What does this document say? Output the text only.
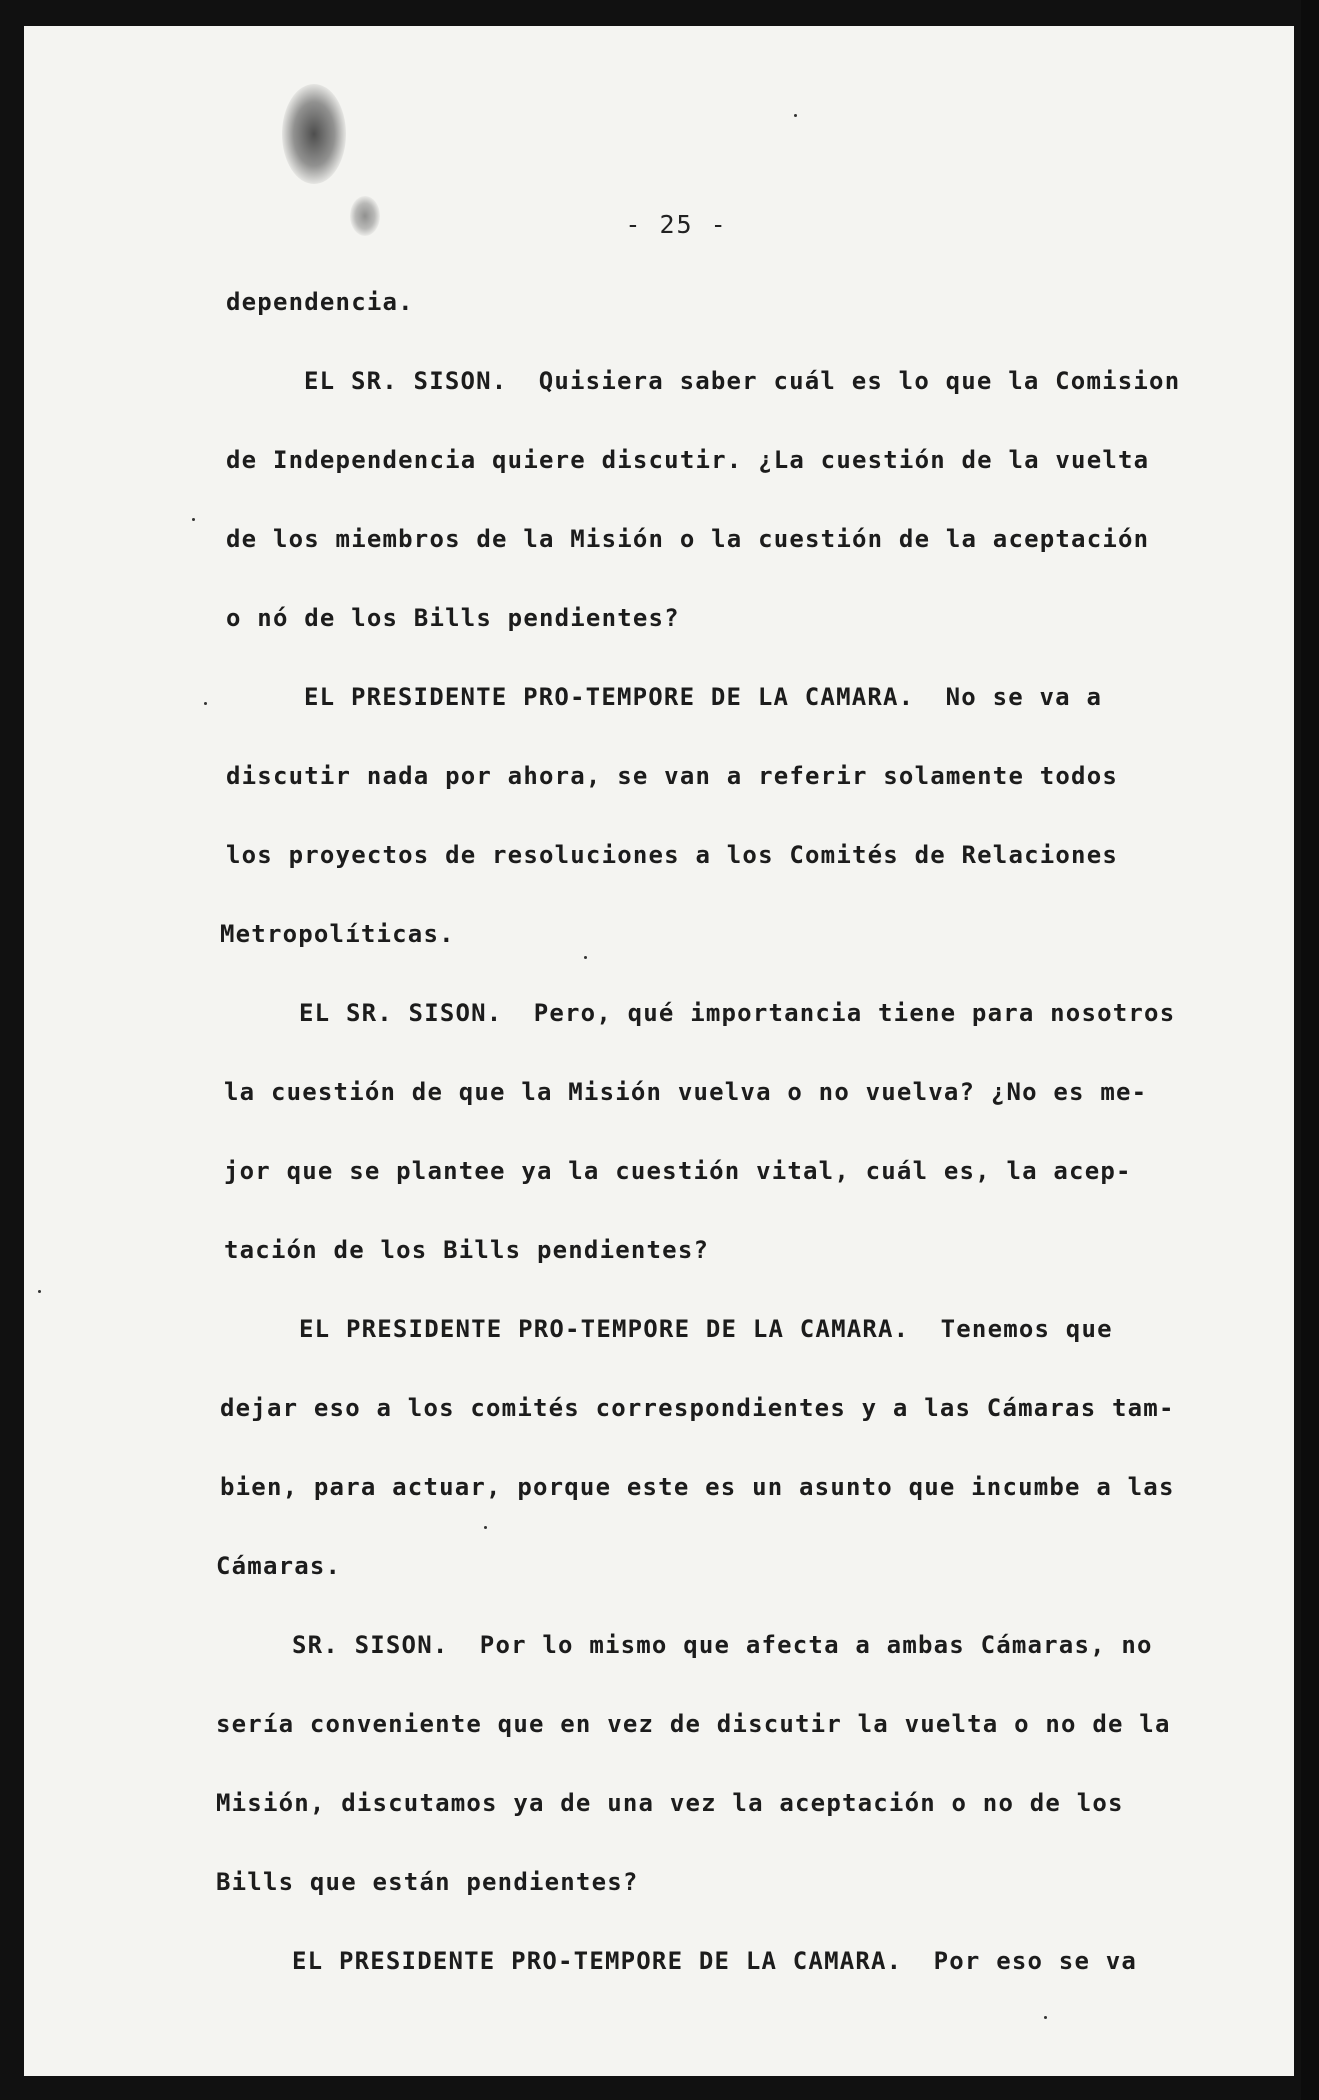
- 25 -
dependencia.
EL SR. SISON.  Quisiera saber cuál es lo que la Comision
de Independencia quiere discutir. ¿La cuestión de la vuelta
de los miembros de la Misión o la cuestión de la aceptación
o nó de los Bills pendientes?
EL PRESIDENTE PRO-TEMPORE DE LA CAMARA.  No se va a
discutir nada por ahora, se van a referir solamente todos
los proyectos de resoluciones a los Comités de Relaciones
Metropolíticas.
EL SR. SISON.  Pero, qué importancia tiene para nosotros
la cuestión de que la Misión vuelva o no vuelva? ¿No es me-
jor que se plantee ya la cuestión vital, cuál es, la acep-
tación de los Bills pendientes?
EL PRESIDENTE PRO-TEMPORE DE LA CAMARA.  Tenemos que
dejar eso a los comités correspondientes y a las Cámaras tam-
bien, para actuar, porque este es un asunto que incumbe a las
Cámaras.
SR. SISON.  Por lo mismo que afecta a ambas Cámaras, no
sería conveniente que en vez de discutir la vuelta o no de la
Misión, discutamos ya de una vez la aceptación o no de los
Bills que están pendientes?
EL PRESIDENTE PRO-TEMPORE DE LA CAMARA.  Por eso se va
